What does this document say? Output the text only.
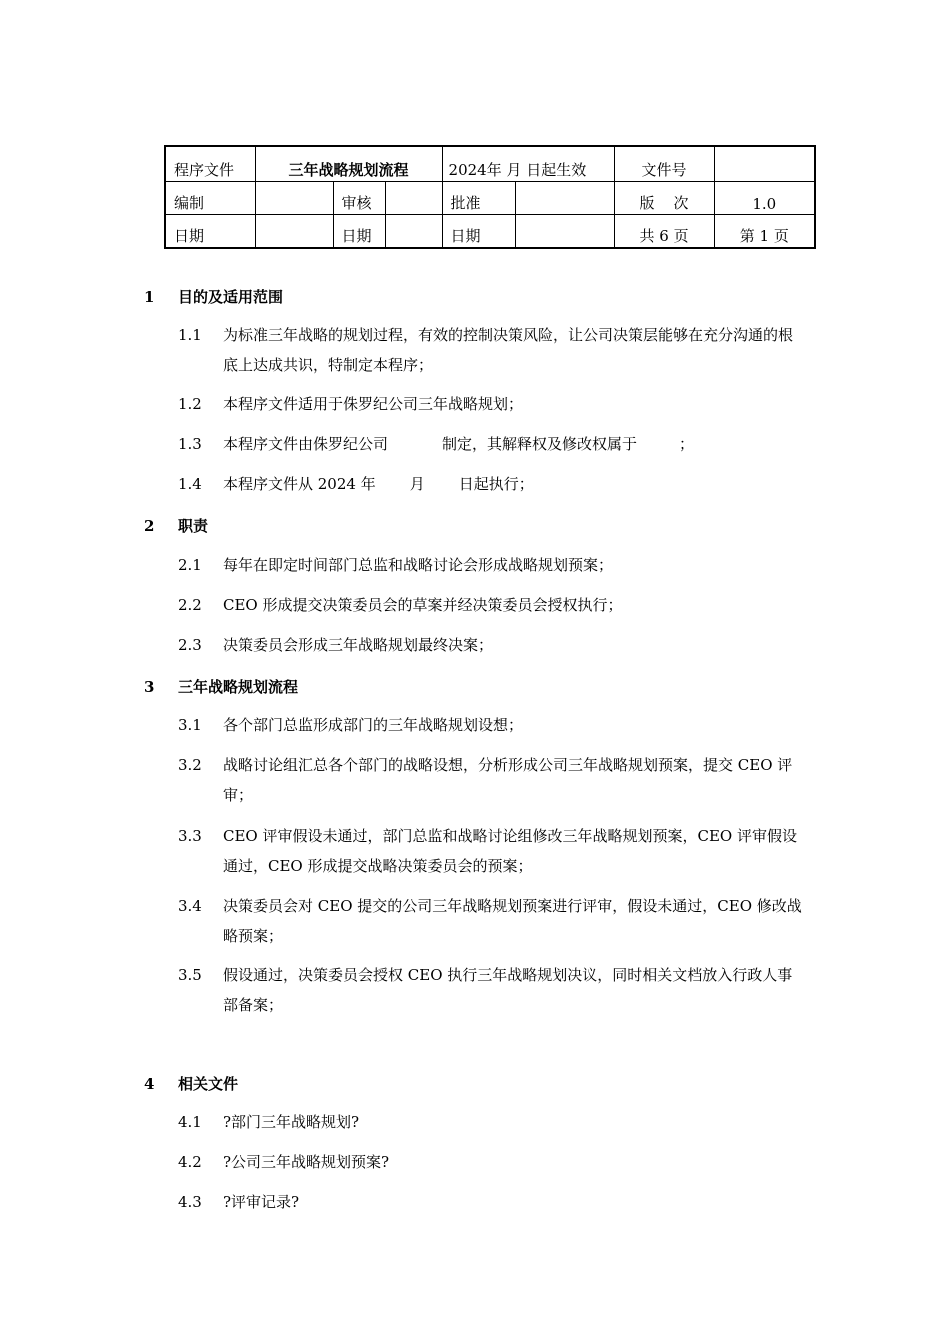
程序文件	三年战略规划流程			2024年 月 日起生效		文件号	
编制		审核		批准		版    次	1.0
日期		日期		日期		共 6 页	第 1 页
1 目的及适用范围
1.1 为标准三年战略的规划过程，有效的控制决策风险，让公司决策层能够在充分沟通的根底上达成共识，特制定本程序；
1.2 本程序文件适用于侏罗纪公司三年战略规划；
1.3 本程序文件由侏罗纪公司	制定，其解释权及修改权属于	；
1.4 本程序文件从 2024 年 月 日起执行；
2 职责
2.1 每年在即定时间部门总监和战略讨论会形成战略规划预案；
2.2 CEO 形成提交决策委员会的草案并经决策委员会授权执行；
2.3 决策委员会形成三年战略规划最终决案；
3 三年战略规划流程
3.1 各个部门总监形成部门的三年战略规划设想；
3.2 战略讨论组汇总各个部门的战略设想，分析形成公司三年战略规划预案，提交 CEO 评审；
3.3 CEO 评审假设未通过，部门总监和战略讨论组修改三年战略规划预案，CEO 评审假设通过，CEO 形成提交战略决策委员会的预案；
3.4 决策委员会对 CEO 提交的公司三年战略规划预案进行评审，假设未通过，CEO 修改战略预案；
3.5 假设通过，决策委员会授权 CEO 执行三年战略规划决议，同时相关文档放入行政人事部备案；
4 相关文件
4.1 ?部门三年战略规划?
4.2 ?公司三年战略规划预案?
4.3 ?评审记录?
